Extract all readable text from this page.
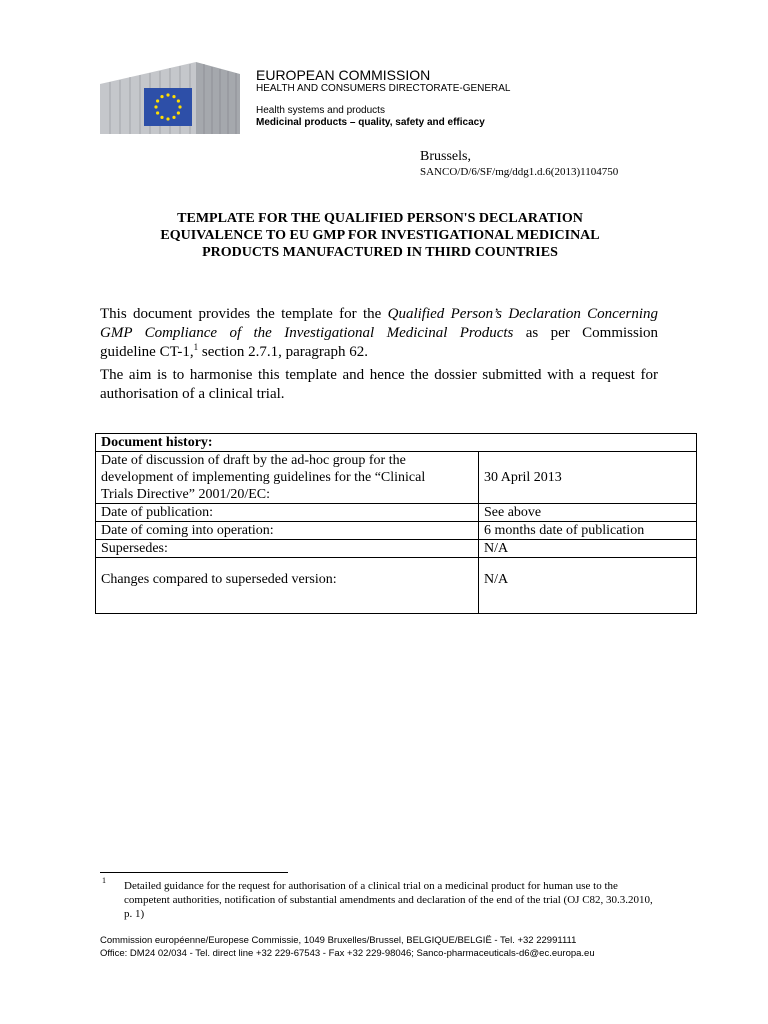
EUROPEAN COMMISSION
HEALTH AND CONSUMERS DIRECTORATE-GENERAL
Health systems and products
Medicinal products – quality, safety and efficacy
Brussels,
SANCO/D/6/SF/mg/ddg1.d.6(2013)1104750
TEMPLATE FOR THE QUALIFIED PERSON'S DECLARATION
EQUIVALENCE TO EU GMP FOR INVESTIGATIONAL MEDICINAL
PRODUCTS MANUFACTURED IN THIRD COUNTRIES
This document provides the template for the Qualified Person’s Declaration Concerning
GMP Compliance of the Investigational Medicinal Products as per Commission
guideline CT-1,$^1$ section 2.7.1, paragraph 62.
The aim is to harmonise this template and hence the dossier submitted with a request for
authorisation of a clinical trial.
Document history:	

Date of discussion of draft by the ad-hoc group for the
development of implementing guidelines for the “Clinical
Trials Directive” 2001/20/EC:	30 April 2013
Date of publication:	See above
Date of coming into operation:	6 months date of publication
Supersedes:	N/A
Changes compared to superseded version:	N/A
1 Detailed guidance for the request for authorisation of a clinical trial on a medicinal product for human use to the competent authorities, notification of substantial amendments and declaration of the end of the trial (OJ C82, 30.3.2010, p. 1)
Commission européenne/Europese Commissie, 1049 Bruxelles/Brussel, BELGIQUE/BELGIË - Tel. +32 22991111
Office: DM24 02/034 - Tel. direct line +32 229-67543 - Fax +32 229-98046; Sanco-pharmaceuticals-d6@ec.europa.eu
